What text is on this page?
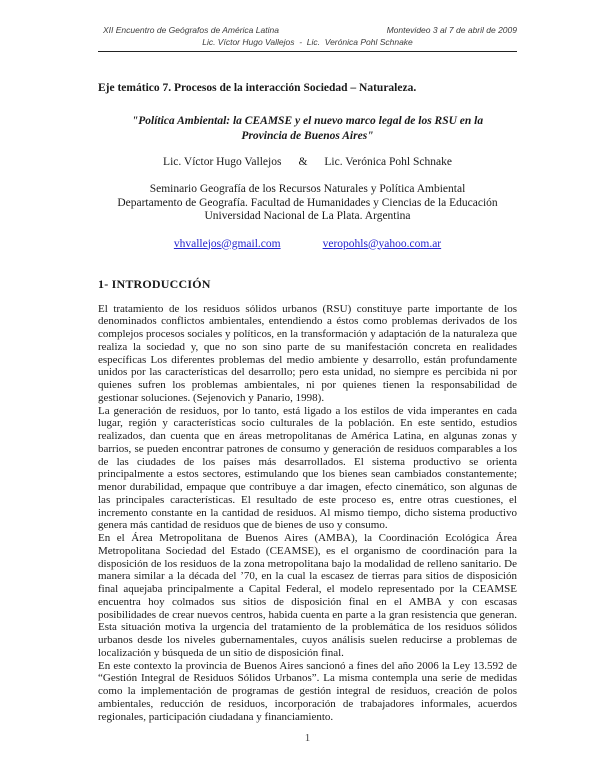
XII Encuentro de Geógrafos de América Latina	Montevideo 3 al 7 de abril de 2009
Lic. Víctor Hugo Vallejos  -  Lic.  Verónica Pohl Schnake
Eje temático 7. Procesos de la interacción Sociedad – Naturaleza.
"Política Ambiental: la CEAMSE y el nuevo marco legal de los RSU en la Provincia de Buenos Aires"
Lic. Víctor Hugo Vallejos & Lic. Verónica Pohl Schnake
Seminario Geografía de los Recursos Naturales y Política Ambiental
Departamento de Geografía. Facultad de Humanidades y Ciencias de la Educación
Universidad Nacional de La Plata. Argentina
vhvallejos@gmail.com	veropohls@yahoo.com.ar
1- INTRODUCCIÓN

El tratamiento de los residuos sólidos urbanos (RSU) constituye parte importante de los denominados conflictos ambientales, entendiendo a éstos como problemas derivados de los complejos procesos sociales y políticos, en la transformación y adaptación de la naturaleza que realiza la sociedad y, que no son sino parte de su manifestación concreta en realidades específicas Los diferentes problemas del medio ambiente y desarrollo, están profundamente unidos por las características del desarrollo; pero esta unidad, no siempre es percibida ni por quienes sufren los problemas ambientales, ni por quienes tienen la responsabilidad de gestionar soluciones. (Sejenovich y Panario, 1998).

La generación de residuos, por lo tanto, está ligado a los estilos de vida imperantes en cada lugar, región y características socio culturales de la población. En este sentido, estudios realizados, dan cuenta que en áreas metropolitanas de América Latina, en algunas zonas y barrios, se pueden encontrar patrones de consumo y generación de residuos comparables a los de las ciudades de los países más desarrollados. El sistema productivo se orienta principalmente a estos sectores, estimulando que los bienes sean cambiados constantemente; menor durabilidad, empaque que contribuye a dar imagen, efecto cinemático, son algunas de las principales características. El resultado de este proceso es, entre otras cuestiones, el incremento constante en la cantidad de residuos. Al mismo tiempo, dicho sistema productivo genera más cantidad de residuos que de bienes de uso y consumo.

En el Área Metropolitana de Buenos Aires (AMBA), la Coordinación Ecológica Área Metropolitana Sociedad del Estado (CEAMSE), es el organismo de coordinación para la disposición de los residuos de la zona metropolitana bajo la modalidad de relleno sanitario. De manera similar a la década del ’70, en la cual la escasez de tierras para sitios de disposición final aquejaba principalmente a Capital Federal, el modelo representado por la CEAMSE encuentra hoy colmados sus sitios de disposición final en el AMBA y con escasas posibilidades de crear nuevos centros, habida cuenta en parte a la gran resistencia que generan. Esta situación motiva la urgencia del tratamiento de la problemática de los residuos sólidos urbanos desde los niveles gubernamentales, cuyos análisis suelen reducirse a problemas de localización y búsqueda de un sitio de disposición final.

En este contexto la provincia de Buenos Aires sancionó a fines del año 2006 la Ley 13.592 de “Gestión Integral de Residuos Sólidos Urbanos”. La misma contempla una serie de medidas como la implementación de programas de gestión integral de residuos, creación de polos ambientales, reducción de residuos, incorporación de trabajadores informales, acuerdos regionales, participación ciudadana y financiamiento.

1
